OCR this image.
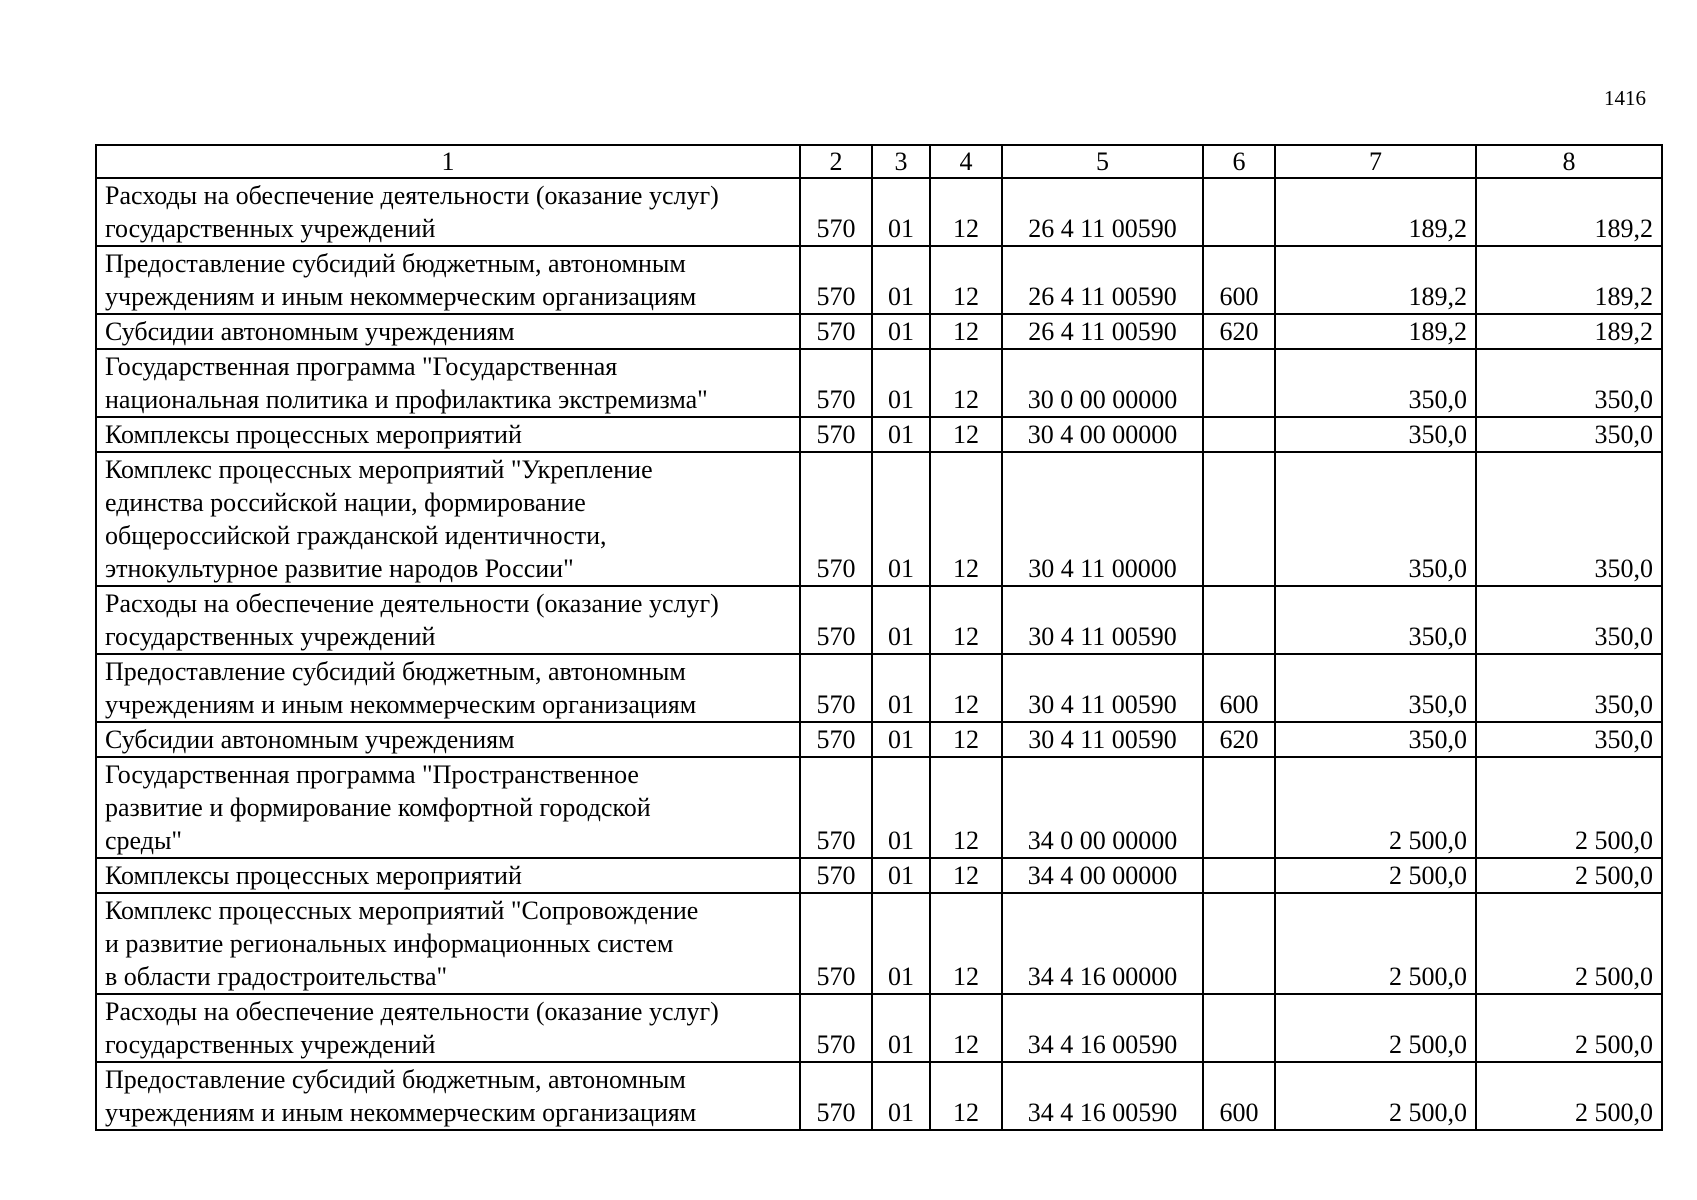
1416
1	2	3	4	5	6	7	8
Расходы на обеспечение деятельности (оказание услуг)
государственных учреждений	570	01	12	26 4 11 00590		189,2	189,2
Предоставление субсидий бюджетным, автономным
учреждениям и иным некоммерческим организациям	570	01	12	26 4 11 00590	600	189,2	189,2
Субсидии автономным учреждениям	570	01	12	26 4 11 00590	620	189,2	189,2
Государственная программа "Государственная
национальная политика и профилактика экстремизма"	570	01	12	30 0 00 00000		350,0	350,0
Комплексы процессных мероприятий	570	01	12	30 4 00 00000		350,0	350,0
Комплекс процессных мероприятий "Укрепление
единства российской нации, формирование
общероссийской гражданской идентичности,
этнокультурное развитие народов России"	570	01	12	30 4 11 00000		350,0	350,0
Расходы на обеспечение деятельности (оказание услуг)
государственных учреждений	570	01	12	30 4 11 00590		350,0	350,0
Предоставление субсидий бюджетным, автономным
учреждениям и иным некоммерческим организациям	570	01	12	30 4 11 00590	600	350,0	350,0
Субсидии автономным учреждениям	570	01	12	30 4 11 00590	620	350,0	350,0
Государственная программа "Пространственное
развитие и формирование комфортной городской
среды"	570	01	12	34 0 00 00000		2 500,0	2 500,0
Комплексы процессных мероприятий	570	01	12	34 4 00 00000		2 500,0	2 500,0
Комплекс процессных мероприятий "Сопровождение
и развитие региональных информационных систем
в области градостроительства"	570	01	12	34 4 16 00000		2 500,0	2 500,0
Расходы на обеспечение деятельности (оказание услуг)
государственных учреждений	570	01	12	34 4 16 00590		2 500,0	2 500,0
Предоставление субсидий бюджетным, автономным
учреждениям и иным некоммерческим организациям	570	01	12	34 4 16 00590	600	2 500,0	2 500,0
